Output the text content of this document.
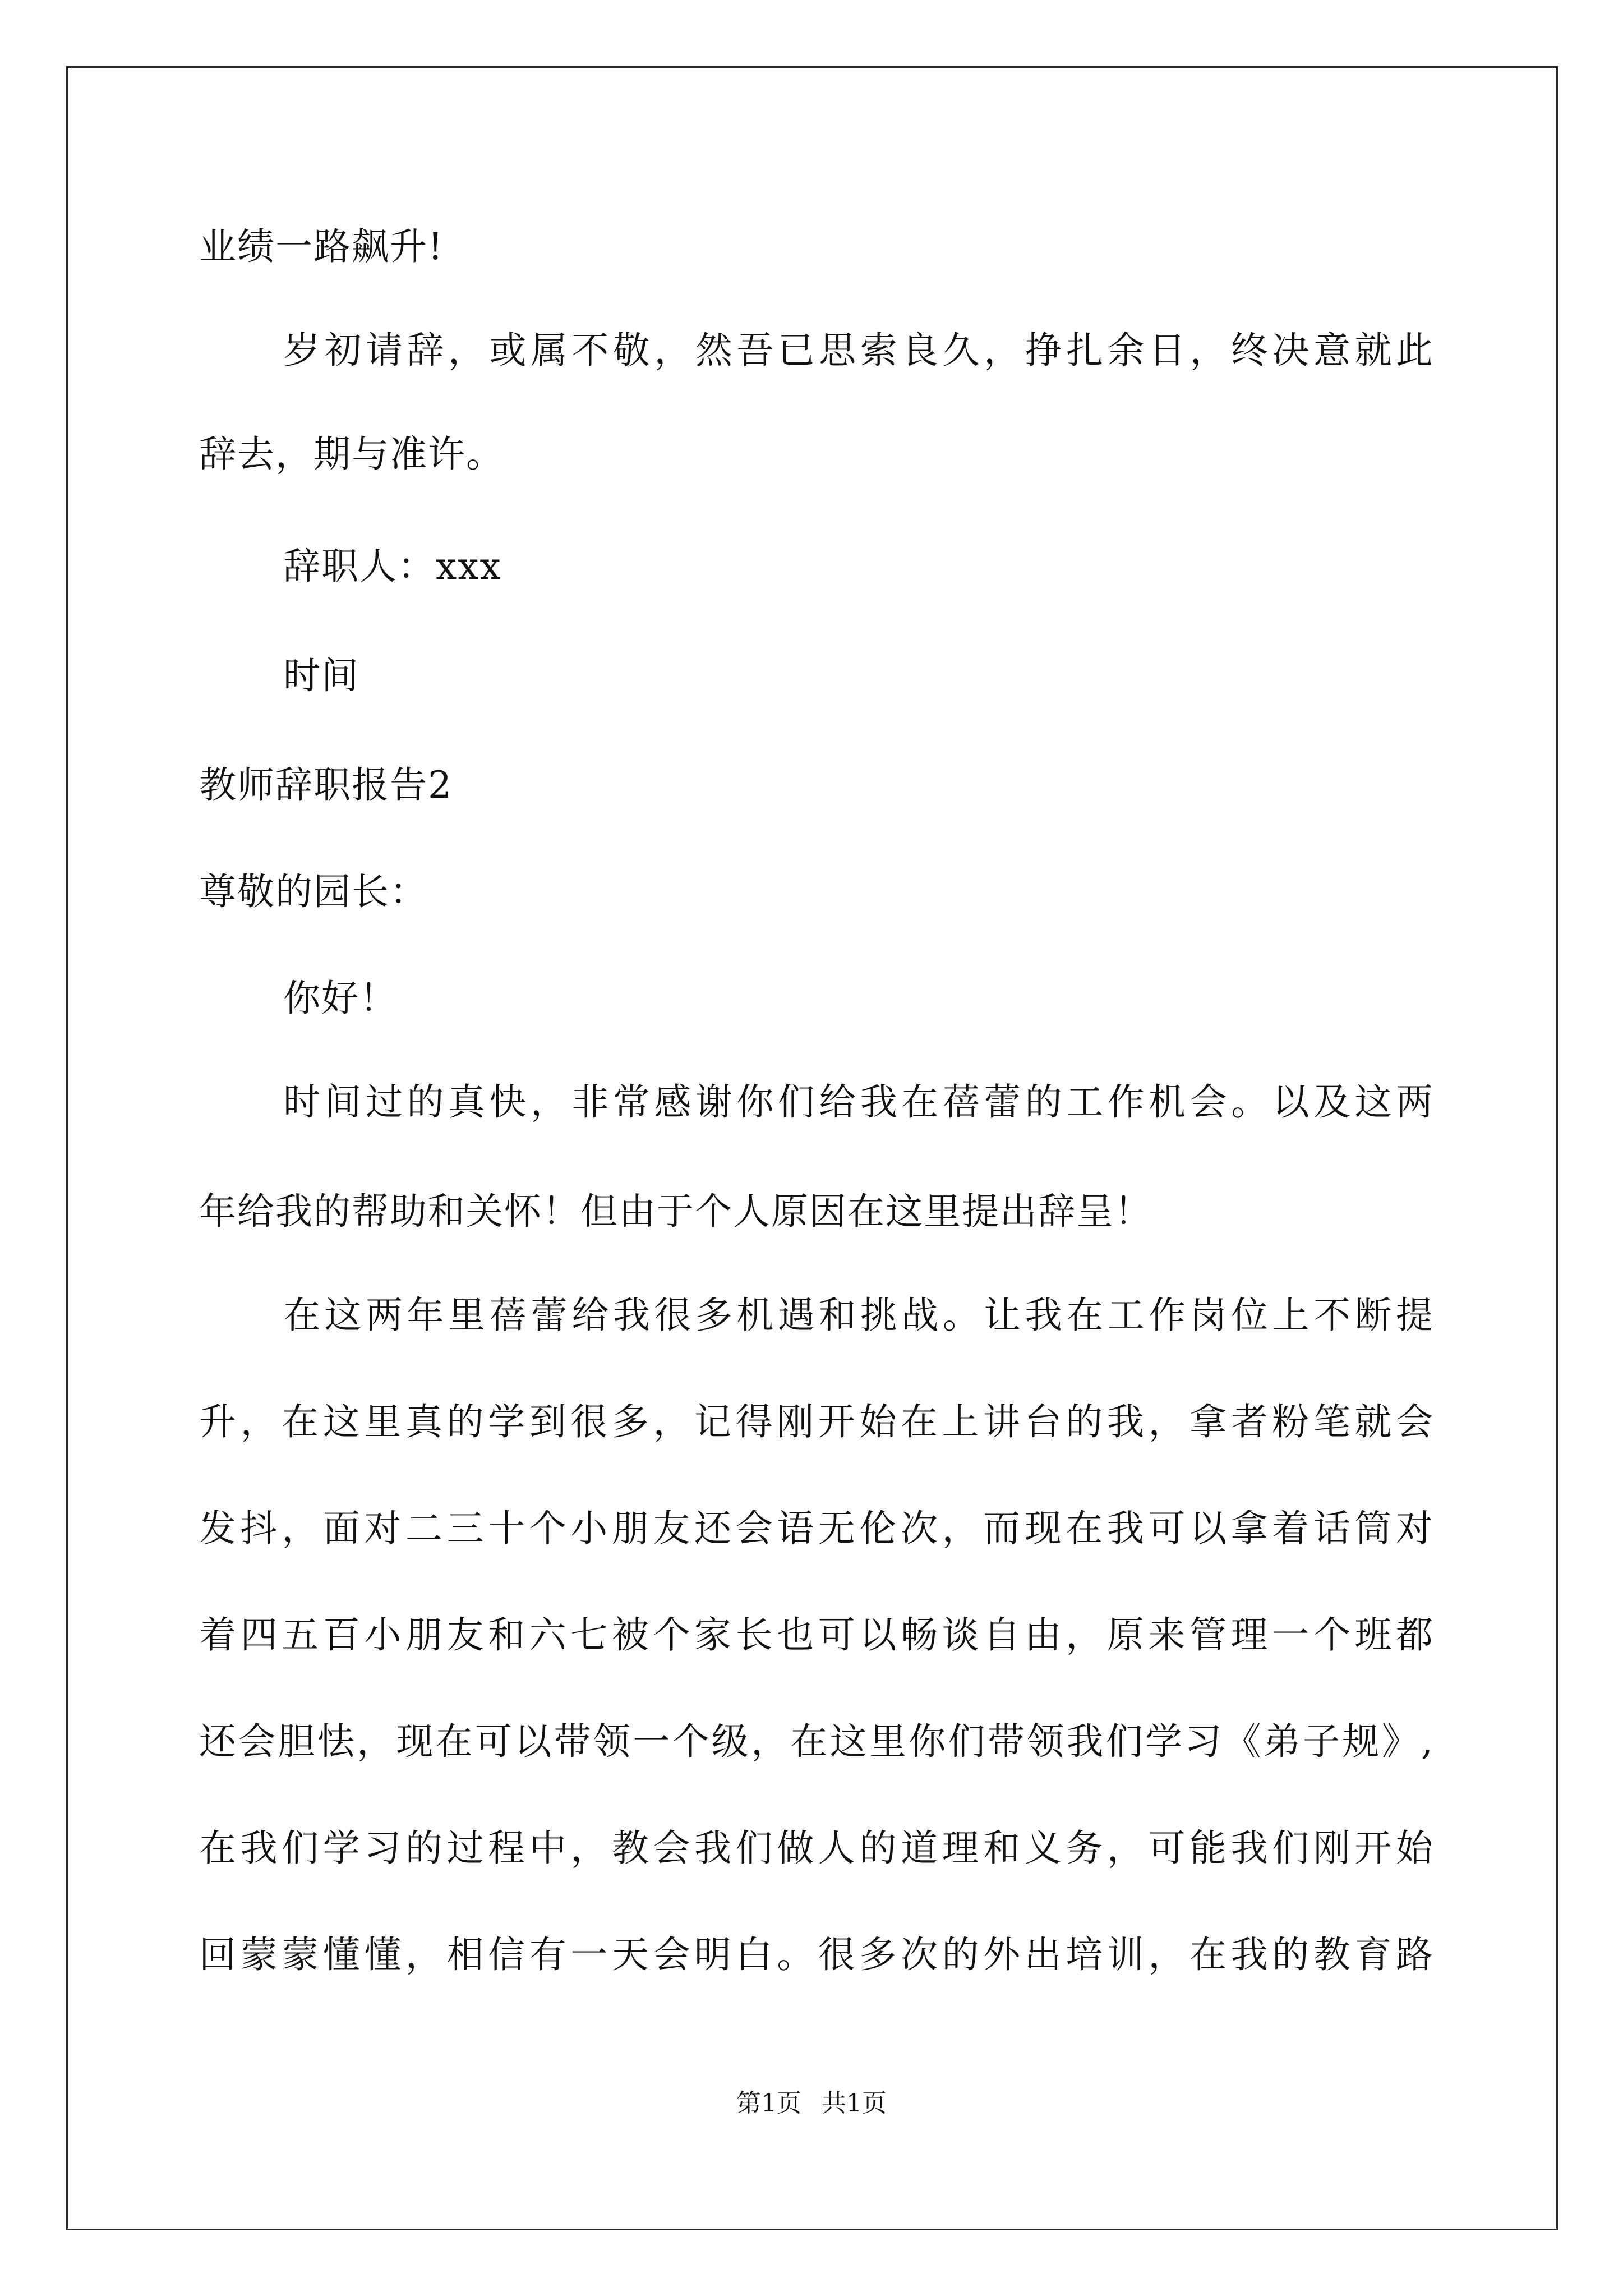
业绩一路飙升!
岁初请辞，或属不敬，然吾已思索良久，挣扎余日，终决意就此
辞去，期与准许。
辞职人：xxx
时间
教师辞职报告2
尊敬的园长：
你好！
时间过的真快，非常感谢你们给我在蓓蕾的工作机会。以及这两
年给我的帮助和关怀！但由于个人原因在这里提出辞呈！
在这两年里蓓蕾给我很多机遇和挑战。让我在工作岗位上不断提
升，在这里真的学到很多，记得刚开始在上讲台的我，拿者粉笔就会
发抖，面对二三十个小朋友还会语无伦次，而现在我可以拿着话筒对
着四五百小朋友和六七被个家长也可以畅谈自由，原来管理一个班都
还会胆怯，现在可以带领一个级，在这里你们带领我们学习《弟子规》,
在我们学习的过程中，教会我们做人的道理和义务，可能我们刚开始
回蒙蒙懂懂，相信有一天会明白。很多次的外出培训，在我的教育路
第1页 共1页
